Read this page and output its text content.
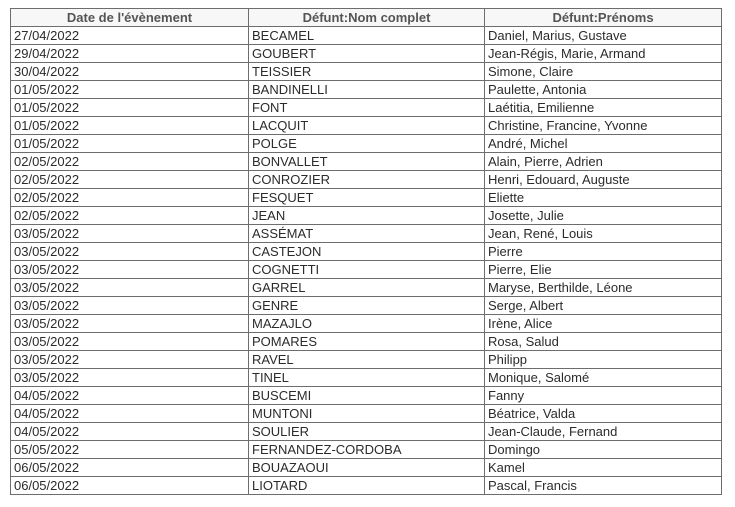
Date de l'évènement	Défunt:Nom complet	Défunt:Prénoms
27/04/2022	BECAMEL	Daniel, Marius, Gustave
29/04/2022	GOUBERT	Jean-Régis, Marie, Armand
30/04/2022	TEISSIER	Simone, Claire
01/05/2022	BANDINELLI	Paulette, Antonia
01/05/2022	FONT	Laétitia, Emilienne
01/05/2022	LACQUIT	Christine, Francine, Yvonne
01/05/2022	POLGE	André, Michel
02/05/2022	BONVALLET	Alain, Pierre, Adrien
02/05/2022	CONROZIER	Henri, Edouard, Auguste
02/05/2022	FESQUET	Eliette
02/05/2022	JEAN	Josette, Julie
03/05/2022	ASSÉMAT	Jean, René, Louis
03/05/2022	CASTEJON	Pierre
03/05/2022	COGNETTI	Pierre, Elie
03/05/2022	GARREL	Maryse, Berthilde, Léone
03/05/2022	GENRE	Serge, Albert
03/05/2022	MAZAJLO	Irène, Alice
03/05/2022	POMARES	Rosa, Salud
03/05/2022	RAVEL	Philipp
03/05/2022	TINEL	Monique, Salomé
04/05/2022	BUSCEMI	Fanny
04/05/2022	MUNTONI	Béatrice, Valda
04/05/2022	SOULIER	Jean-Claude, Fernand
05/05/2022	FERNANDEZ-CORDOBA	Domingo
06/05/2022	BOUAZAOUI	Kamel
06/05/2022	LIOTARD	Pascal, Francis
